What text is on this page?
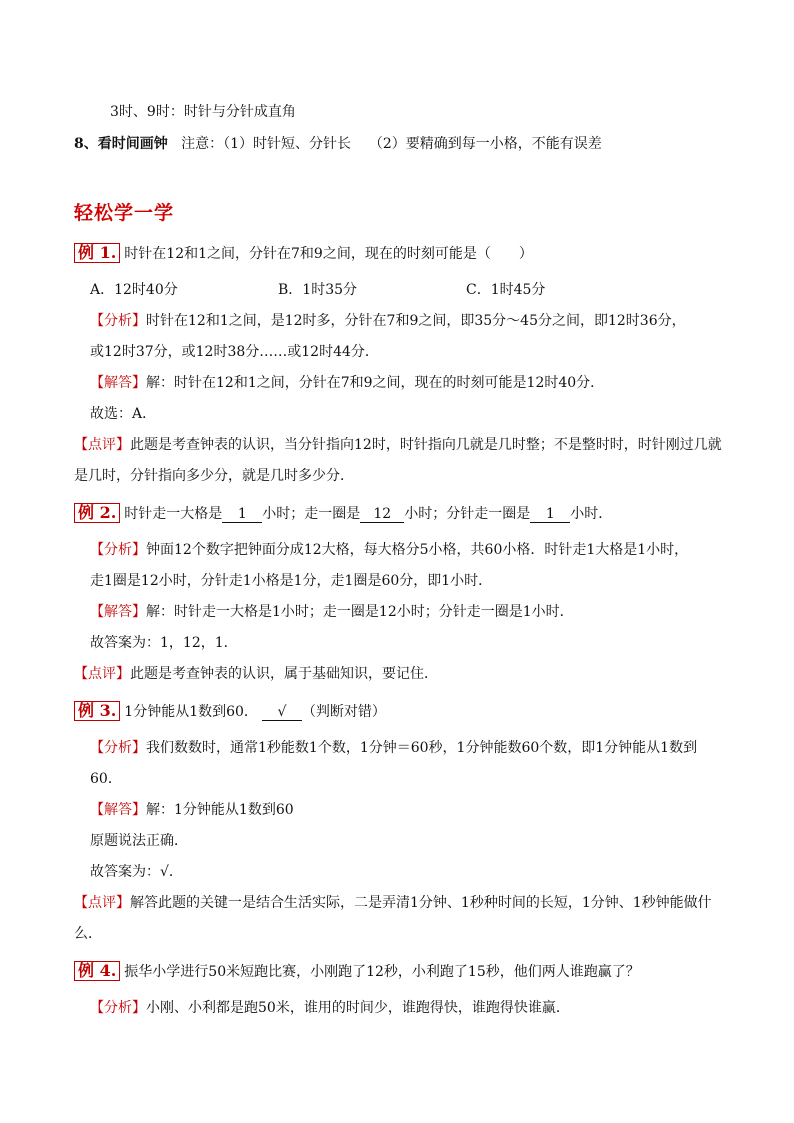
3时、9时：时针与分针成直角
8、看时间画钟 注意：（1）时针短、分针长    （2）要精确到每一小格，不能有误差
轻松学一学
例 1. 时针在12和1之间，分针在7和9之间，现在的时刻可能是（　　）
A．12时40分	B．1时35分	C．1时45分
【分析】时针在12和1之间，是12时多，分针在7和9之间，即35分～45分之间，即12时36分，
或12时37分，或12时38分……或12时44分．
【解答】解：时针在12和1之间，分针在7和9之间，现在的时刻可能是12时40分．
故选：A．
【点评】此题是考查钟表的认识，当分针指向12时，时针指向几就是几时整；不是整时时，时针刚过几就
是几时，分针指向多少分，就是几时多少分．
例 2. 时针走一大格是 1 小时；走一圈是 12 小时；分针走一圈是 1 小时．
【分析】钟面12个数字把钟面分成12大格，每大格分5小格，共60小格．时针走1大格是1小时，
走1圈是12小时，分针走1小格是1分，走1圈是60分，即1小时．
【解答】解：时针走一大格是1小时；走一圈是12小时；分针走一圈是1小时．
故答案为：1，12，1．
【点评】此题是考查钟表的认识，属于基础知识，要记住．
例 3. 1分钟能从1数到60． √ （判断对错）
【分析】我们数数时，通常1秒能数1个数，1分钟＝60秒，1分钟能数60个数，即1分钟能从1数到
60．
【解答】解：1分钟能从1数到60
原题说法正确．
故答案为：√．
【点评】解答此题的关键一是结合生活实际，二是弄清1分钟、1秒种时间的长短，1分钟、1秒钟能做什
么．
例 4. 振华小学进行50米短跑比赛，小刚跑了12秒，小利跑了15秒，他们两人谁跑赢了？
【分析】小刚、小利都是跑50米，谁用的时间少，谁跑得快，谁跑得快谁赢．
